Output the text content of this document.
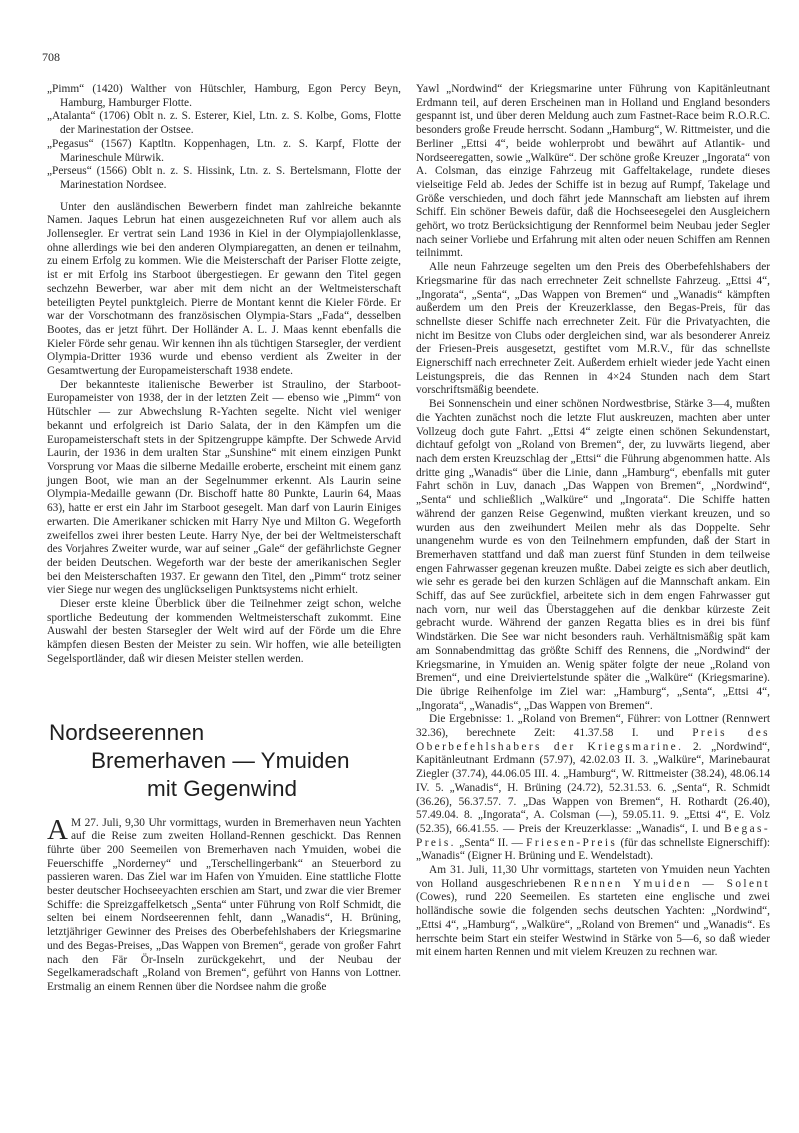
708

„Pimm“ (1420) Walther von Hütschler, Hamburg, Egon Percy Beyn, Hamburg, Hamburger Flotte.

„Atalanta“ (1706) Oblt n. z. S. Esterer, Kiel, Ltn. z. S. Kolbe, Goms, Flotte der Marinestation der Ostsee.

„Pegasus“ (1567) Kaptltn. Koppenhagen, Ltn. z. S. Karpf, Flotte der Marineschule Mürwik.

„Perseus“ (1566) Oblt n. z. S. Hissink, Ltn. z. S. Bertelsmann, Flotte der Marinestation Nordsee.

Unter den ausländischen Bewerbern findet man zahlreiche bekannte Namen. Jaques Lebrun hat einen ausgezeichneten Ruf vor allem auch als Jollensegler. Er vertrat sein Land 1936 in Kiel in der Olympiajollenklasse, ohne allerdings wie bei den anderen Olympiaregatten, an denen er teilnahm, zu einem Erfolg zu kommen. Wie die Meisterschaft der Pariser Flotte zeigte, ist er mit Erfolg ins Starboot übergestiegen. Er gewann den Titel gegen sechzehn Bewerber, war aber mit dem nicht an der Weltmeisterschaft beteiligten Peytel punktgleich. Pierre de Montant kennt die Kieler Förde. Er war der Vorschotmann des französischen Olympia-Stars „Fada“, desselben Bootes, das er jetzt führt. Der Holländer A. L. J. Maas kennt ebenfalls die Kieler Förde sehr genau. Wir kennen ihn als tüchtigen Starsegler, der verdient Olympia-Dritter 1936 wurde und ebenso verdient als Zweiter in der Gesamtwertung der Europameisterschaft 1938 endete.

Der bekannteste italienische Bewerber ist Straulino, der Starboot-Europameister von 1938, der in der letzten Zeit — ebenso wie „Pimm“ von Hütschler — zur Abwechslung R-Yachten segelte. Nicht viel weniger bekannt und erfolgreich ist Dario Salata, der in den Kämpfen um die Europameisterschaft stets in der Spitzengruppe kämpfte. Der Schwede Arvid Laurin, der 1936 in dem uralten Star „Sunshine“ mit einem einzigen Punkt Vorsprung vor Maas die silberne Medaille eroberte, erscheint mit einem ganz jungen Boot, wie man an der Segelnummer erkennt. Als Laurin seine Olympia-Medaille gewann (Dr. Bischoff hatte 80 Punkte, Laurin 64, Maas 63), hatte er erst ein Jahr im Starboot gesegelt. Man darf von Laurin Einiges erwarten. Die Amerikaner schicken mit Harry Nye und Milton G. Wegeforth zweifellos zwei ihrer besten Leute. Harry Nye, der bei der Weltmeisterschaft des Vorjahres Zweiter wurde, war auf seiner „Gale“ der gefährlichste Gegner der beiden Deutschen. Wegeforth war der beste der amerikanischen Segler bei den Meisterschaften 1937. Er gewann den Titel, den „Pimm“ trotz seiner vier Siege nur wegen des unglückseligen Punktsystems nicht erhielt.

Dieser erste kleine Überblick über die Teilnehmer zeigt schon, welche sportliche Bedeutung der kommenden Weltmeisterschaft zukommt. Eine Auswahl der besten Starsegler der Welt wird auf der Förde um die Ehre kämpfen diesen Besten der Meister zu sein. Wir hoffen, wie alle beteiligten Segelsportländer, daß wir diesen Meister stellen werden.

Nordseerennen
Bremerhaven — Ymuiden
mit Gegenwind

A M 27. Juli, 9,30 Uhr vormittags, wurden in Bremerhaven neun Yachten auf die Reise zum zweiten Holland-Rennen geschickt. Das Rennen führte über 200 Seemeilen von Bremerhaven nach Ymuiden, wobei die Feuerschiffe „Norderney“ und „Terschellingerbank“ an Steuerbord zu passieren waren. Das Ziel war im Hafen von Ymuiden. Eine stattliche Flotte bester deutscher Hochseeyachten erschien am Start, und zwar die vier Bremer Schiffe: die Spreizgaffelketsch „Senta“ unter Führung von Rolf Schmidt, die selten bei einem Nordseerennen fehlt, dann „Wanadis“, H. Brüning, letztjähriger Gewinner des Preises des Oberbefehlshabers der Kriegsmarine und des Begas-Preises, „Das Wappen von Bremen“, gerade von großer Fahrt nach den Fär Ör-Inseln zurückgekehrt, und der Neubau der Segelkameradschaft „Roland von Bremen“, geführt von Hanns von Lottner. Erstmalig an einem Rennen über die Nordsee nahm die große

Yawl „Nordwind“ der Kriegsmarine unter Führung von Kapitänleutnant Erdmann teil, auf deren Erscheinen man in Holland und England besonders gespannt ist, und über deren Meldung auch zum Fastnet-Race beim R.O.R.C. besonders große Freude herrscht. Sodann „Hamburg“, W. Rittmeister, und die Berliner „Ettsi 4“, beide wohlerprobt und bewährt auf Atlantik- und Nordseeregatten, sowie „Walküre“. Der schöne große Kreuzer „Ingorata“ von A. Colsman, das einzige Fahrzeug mit Gaffeltakelage, rundete dieses vielseitige Feld ab. Jedes der Schiffe ist in bezug auf Rumpf, Takelage und Größe verschieden, und doch fährt jede Mannschaft am liebsten auf ihrem Schiff. Ein schöner Beweis dafür, daß die Hochseesegelei den Ausgleichern gehört, wo trotz Berücksichtigung der Rennformel beim Neubau jeder Segler nach seiner Vorliebe und Erfahrung mit alten oder neuen Schiffen am Rennen teilnimmt.

Alle neun Fahrzeuge segelten um den Preis des Oberbefehlshabers der Kriegsmarine für das nach errechneter Zeit schnellste Fahrzeug. „Ettsi 4“, „Ingorata“, „Senta“, „Das Wappen von Bremen“ und „Wanadis“ kämpften außerdem um den Preis der Kreuzerklasse, den Begas-Preis, für das schnellste dieser Schiffe nach errechneter Zeit. Für die Privatyachten, die nicht im Besitze von Clubs oder dergleichen sind, war als besonderer Anreiz der Friesen-Preis ausgesetzt, gestiftet vom M.R.V., für das schnellste Eignerschiff nach errechneter Zeit. Außerdem erhielt wieder jede Yacht einen Leistungspreis, die das Rennen in 4×24 Stunden nach dem Start vorschriftsmäßig beendete.

Bei Sonnenschein und einer schönen Nordwestbrise, Stärke 3—4, mußten die Yachten zunächst noch die letzte Flut auskreuzen, machten aber unter Vollzeug doch gute Fahrt. „Ettsi 4“ zeigte einen schönen Sekundenstart, dichtauf gefolgt von „Roland von Bremen“, der, zu luvwärts liegend, aber nach dem ersten Kreuzschlag der „Ettsi“ die Führung abgenommen hatte. Als dritte ging „Wanadis“ über die Linie, dann „Hamburg“, ebenfalls mit guter Fahrt schön in Luv, danach „Das Wappen von Bremen“, „Nordwind“, „Senta“ und schließlich „Walküre“ und „Ingorata“. Die Schiffe hatten während der ganzen Reise Gegenwind, mußten vierkant kreuzen, und so wurden aus den zweihundert Meilen mehr als das Doppelte. Sehr unangenehm wurde es von den Teilnehmern empfunden, daß der Start in Bremerhaven stattfand und daß man zuerst fünf Stunden in dem teilweise engen Fahrwasser gegenan kreuzen mußte. Dabei zeigte es sich aber deutlich, wie sehr es gerade bei den kurzen Schlägen auf die Mannschaft ankam. Ein Schiff, das auf See zurückfiel, arbeitete sich in dem engen Fahrwasser gut nach vorn, nur weil das Überstaggehen auf die denkbar kürzeste Zeit gebracht wurde. Während der ganzen Regatta blies es in drei bis fünf Windstärken. Die See war nicht besonders rauh. Verhältnismäßig spät kam am Sonnabendmittag das größte Schiff des Rennens, die „Nordwind“ der Kriegsmarine, in Ymuiden an. Wenig später folgte der neue „Roland von Bremen“, und eine Dreiviertelstunde später die „Walküre“ (Kriegsmarine). Die übrige Reihenfolge im Ziel war: „Hamburg“, „Senta“, „Ettsi 4“, „Ingorata“, „Wanadis“, „Das Wappen von Bremen“.

Die Ergebnisse: 1. „Roland von Bremen“, Führer: von Lottner (Rennwert 32.36), berechnete Zeit: 41.37.58 I. und Preis des Oberbefehlshabers der Kriegsmarine. 2. „Nordwind“, Kapitänleutnant Erdmann (57.97), 42.02.03 II. 3. „Walküre“, Marinebaurat Ziegler (37.74), 44.06.05 III. 4. „Hamburg“, W. Rittmeister (38.24), 48.06.14 IV. 5. „Wanadis“, H. Brüning (24.72), 52.31.53. 6. „Senta“, R. Schmidt (36.26), 56.37.57. 7. „Das Wappen von Bremen“, H. Rothardt (26.40), 57.49.04. 8. „Ingorata“, A. Colsman (—), 59.05.11. 9. „Ettsi 4“, E. Volz (52.35), 66.41.55. — Preis der Kreuzerklasse: „Wanadis“, I. und Begas-Preis. „Senta“ II. — Friesen-Preis (für das schnellste Eignerschiff): „Wanadis“ (Eigner H. Brüning und E. Wendelstadt).

Am 31. Juli, 11,30 Uhr vormittags, starteten von Ymuiden neun Yachten von Holland ausgeschriebenen Rennen Ymuiden — Solent (Cowes), rund 220 Seemeilen. Es starteten eine englische und zwei holländische sowie die folgenden sechs deutschen Yachten: „Nordwind“, „Ettsi 4“, „Hamburg“, „Walküre“, „Roland von Bremen“ und „Wanadis“. Es herrschte beim Start ein steifer Westwind in Stärke von 5—6, so daß wieder mit einem harten Rennen und mit vielem Kreuzen zu rechnen war.
